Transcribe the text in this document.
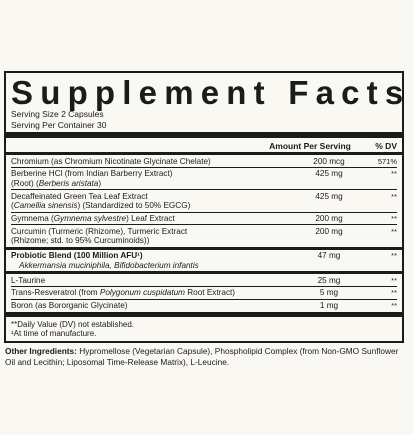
Supplement Facts
Serving Size 2 Capsules
Serving Per Container 30
Amount Per Serving	% DV
Chromium (as Chromium Nicotinate Glycinate Chelate)	200 mcg	571%
Berberine HCl (from Indian Barberry Extract)
(Root) (Berberis aristata)
425 mg	**
Decaffeinated Green Tea Leaf Extract
(Camellia sinensis) (Standardized to 50% EGCG)
425 mg	**
Gymnema (Gymnema sylvestre) Leaf Extract	200 mg	**
Curcumin (Turmeric (Rhizome), Turmeric Extract
(Rhizome; std. to 95% Curcuminoids))
200 mg	**
Probiotic Blend (100 Million AFU¹)
Akkermansia muciniphila, Bifidobacterium infantis
47 mg	**
L-Taurine	25 mg	**
Trans-Resveratrol (from Polygonum cuspidatum Root Extract)	5 mg	**
Boron (as Bororganic Glycinate)	1 mg	**
**Daily Value (DV) not established.
¹At time of manufacture.
Other Ingredients: Hypromellose (Vegetarian Capsule), Phospholipid Complex (from Non-GMO Sunflower Oil and Lecithin; Liposomal Time-Release Matrix), L-Leucine.
